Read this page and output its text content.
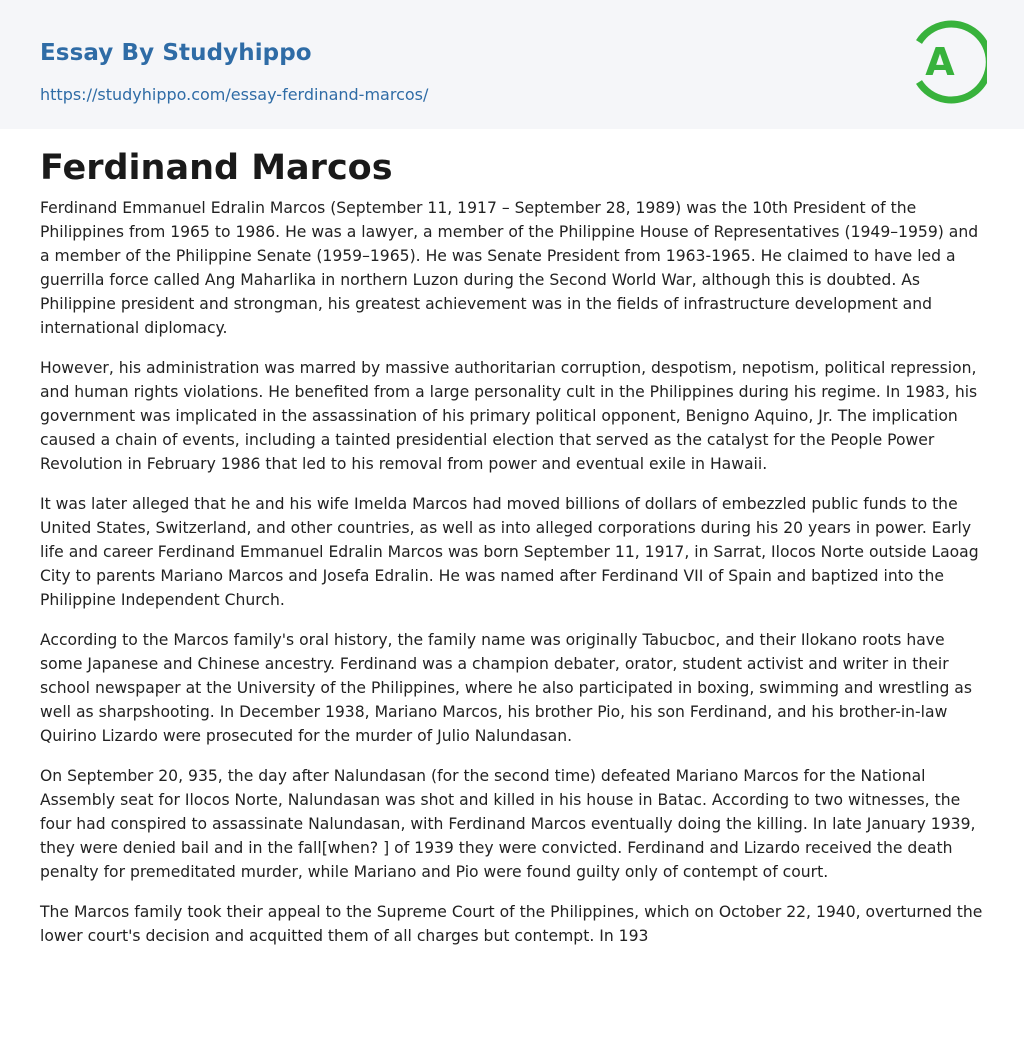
Essay By Studyhippo
https://studyhippo.com/essay-ferdinand-marcos/
A
Ferdinand Marcos

Ferdinand Emmanuel Edralin Marcos (September 11, 1917 – September 28, 1989) was the 10th President of the Philippines from 1965 to 1986. He was a lawyer, a member of the Philippine House of Representatives (1949–1959) and a member of the Philippine Senate (1959–1965). He was Senate President from 1963-1965. He claimed to have led a guerrilla force called Ang Maharlika in northern Luzon during the Second World War, although this is doubted. As Philippine president and strongman, his greatest achievement was in the fields of infrastructure development and international diplomacy.

However, his administration was marred by massive authoritarian corruption, despotism, nepotism, political repression, and human rights violations. He benefited from a large personality cult in the Philippines during his regime. In 1983, his government was implicated in the assassination of his primary political opponent, Benigno Aquino, Jr. The implication caused a chain of events, including a tainted presidential election that served as the catalyst for the People Power Revolution in February 1986 that led to his removal from power and eventual exile in Hawaii.

It was later alleged that he and his wife Imelda Marcos had moved billions of dollars of embezzled public funds to the United States, Switzerland, and other countries, as well as into alleged corporations during his 20 years in power. Early life and career Ferdinand Emmanuel Edralin Marcos was born September 11, 1917, in Sarrat, Ilocos Norte outside Laoag City to parents Mariano Marcos and Josefa Edralin. He was named after Ferdinand VII of Spain and baptized into the Philippine Independent Church.

According to the Marcos family's oral history, the family name was originally Tabucboc, and their Ilokano roots have some Japanese and Chinese ancestry. Ferdinand was a champion debater, orator, student activist and writer in their school newspaper at the University of the Philippines, where he also participated in boxing, swimming and wrestling as well as sharpshooting. In December 1938, Mariano Marcos, his brother Pio, his son Ferdinand, and his brother-in-law Quirino Lizardo were prosecuted for the murder of Julio Nalundasan.

On September 20, 935, the day after Nalundasan (for the second time) defeated Mariano Marcos for the National Assembly seat for Ilocos Norte, Nalundasan was shot and killed in his house in Batac. According to two witnesses, the four had conspired to assassinate Nalundasan, with Ferdinand Marcos eventually doing the killing. In late January 1939, they were denied bail and in the fall[when? ] of 1939 they were convicted. Ferdinand and Lizardo received the death penalty for premeditated murder, while Mariano and Pio were found guilty only of contempt of court.

The Marcos family took their appeal to the Supreme Court of the Philippines, which on October 22, 1940, overturned the lower court's decision and acquitted them of all charges but contempt. In 193
